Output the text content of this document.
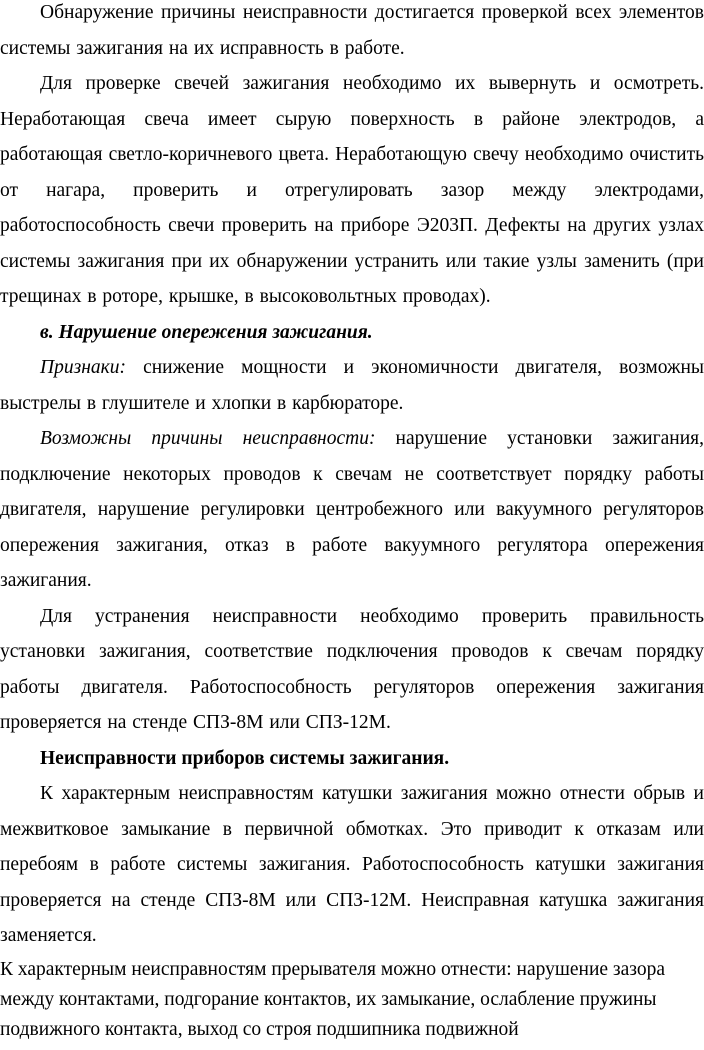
Обнаружение причины неисправности достигается проверкой всех элементов системы зажигания на их исправность в работе.

Для проверке свечей зажигания необходимо их вывернуть и осмотреть. Неработающая свеча имеет сырую поверхность в районе электродов, а работающая светло-коричневого цвета. Неработающую свечу необходимо очистить от нагара, проверить и отрегулировать зазор между электродами, работоспособность свечи проверить на приборе Э203П. Дефекты на других узлах системы зажигания при их обнаружении устранить или такие узлы заменить (при трещинах в роторе, крышке, в высоковольтных проводах).

в. Нарушение опережения зажигания.

Признаки: снижение мощности и экономичности двигателя, возможны выстрелы в глушителе и хлопки в карбюраторе.

Возможны причины неисправности: нарушение установки зажигания, подключение некоторых проводов к свечам не соответствует порядку работы двигателя, нарушение регулировки центробежного или вакуумного регуляторов опережения зажигания, отказ в работе вакуумного регулятора опережения зажигания.

Для устранения неисправности необходимо проверить правильность установки зажигания, соответствие подключения проводов к свечам порядку работы двигателя. Работоспособность регуляторов опережения зажигания проверяется на стенде СПЗ-8М или СПЗ-12М.

Неисправности приборов системы зажигания.

К характерным неисправностям катушки зажигания можно отнести обрыв и межвитковое замыкание в первичной обмотках. Это приводит к отказам или перебоям в работе системы зажигания. Работоспособность катушки зажигания проверяется на стенде СПЗ-8М или СПЗ-12М. Неисправная катушка зажигания заменяется.

К характерным неисправностям прерывателя можно отнести: нарушение зазора между контактами, подгорание контактов, их замыкание, ослабление пружины подвижного контакта, выход со строя подшипника подвижной
